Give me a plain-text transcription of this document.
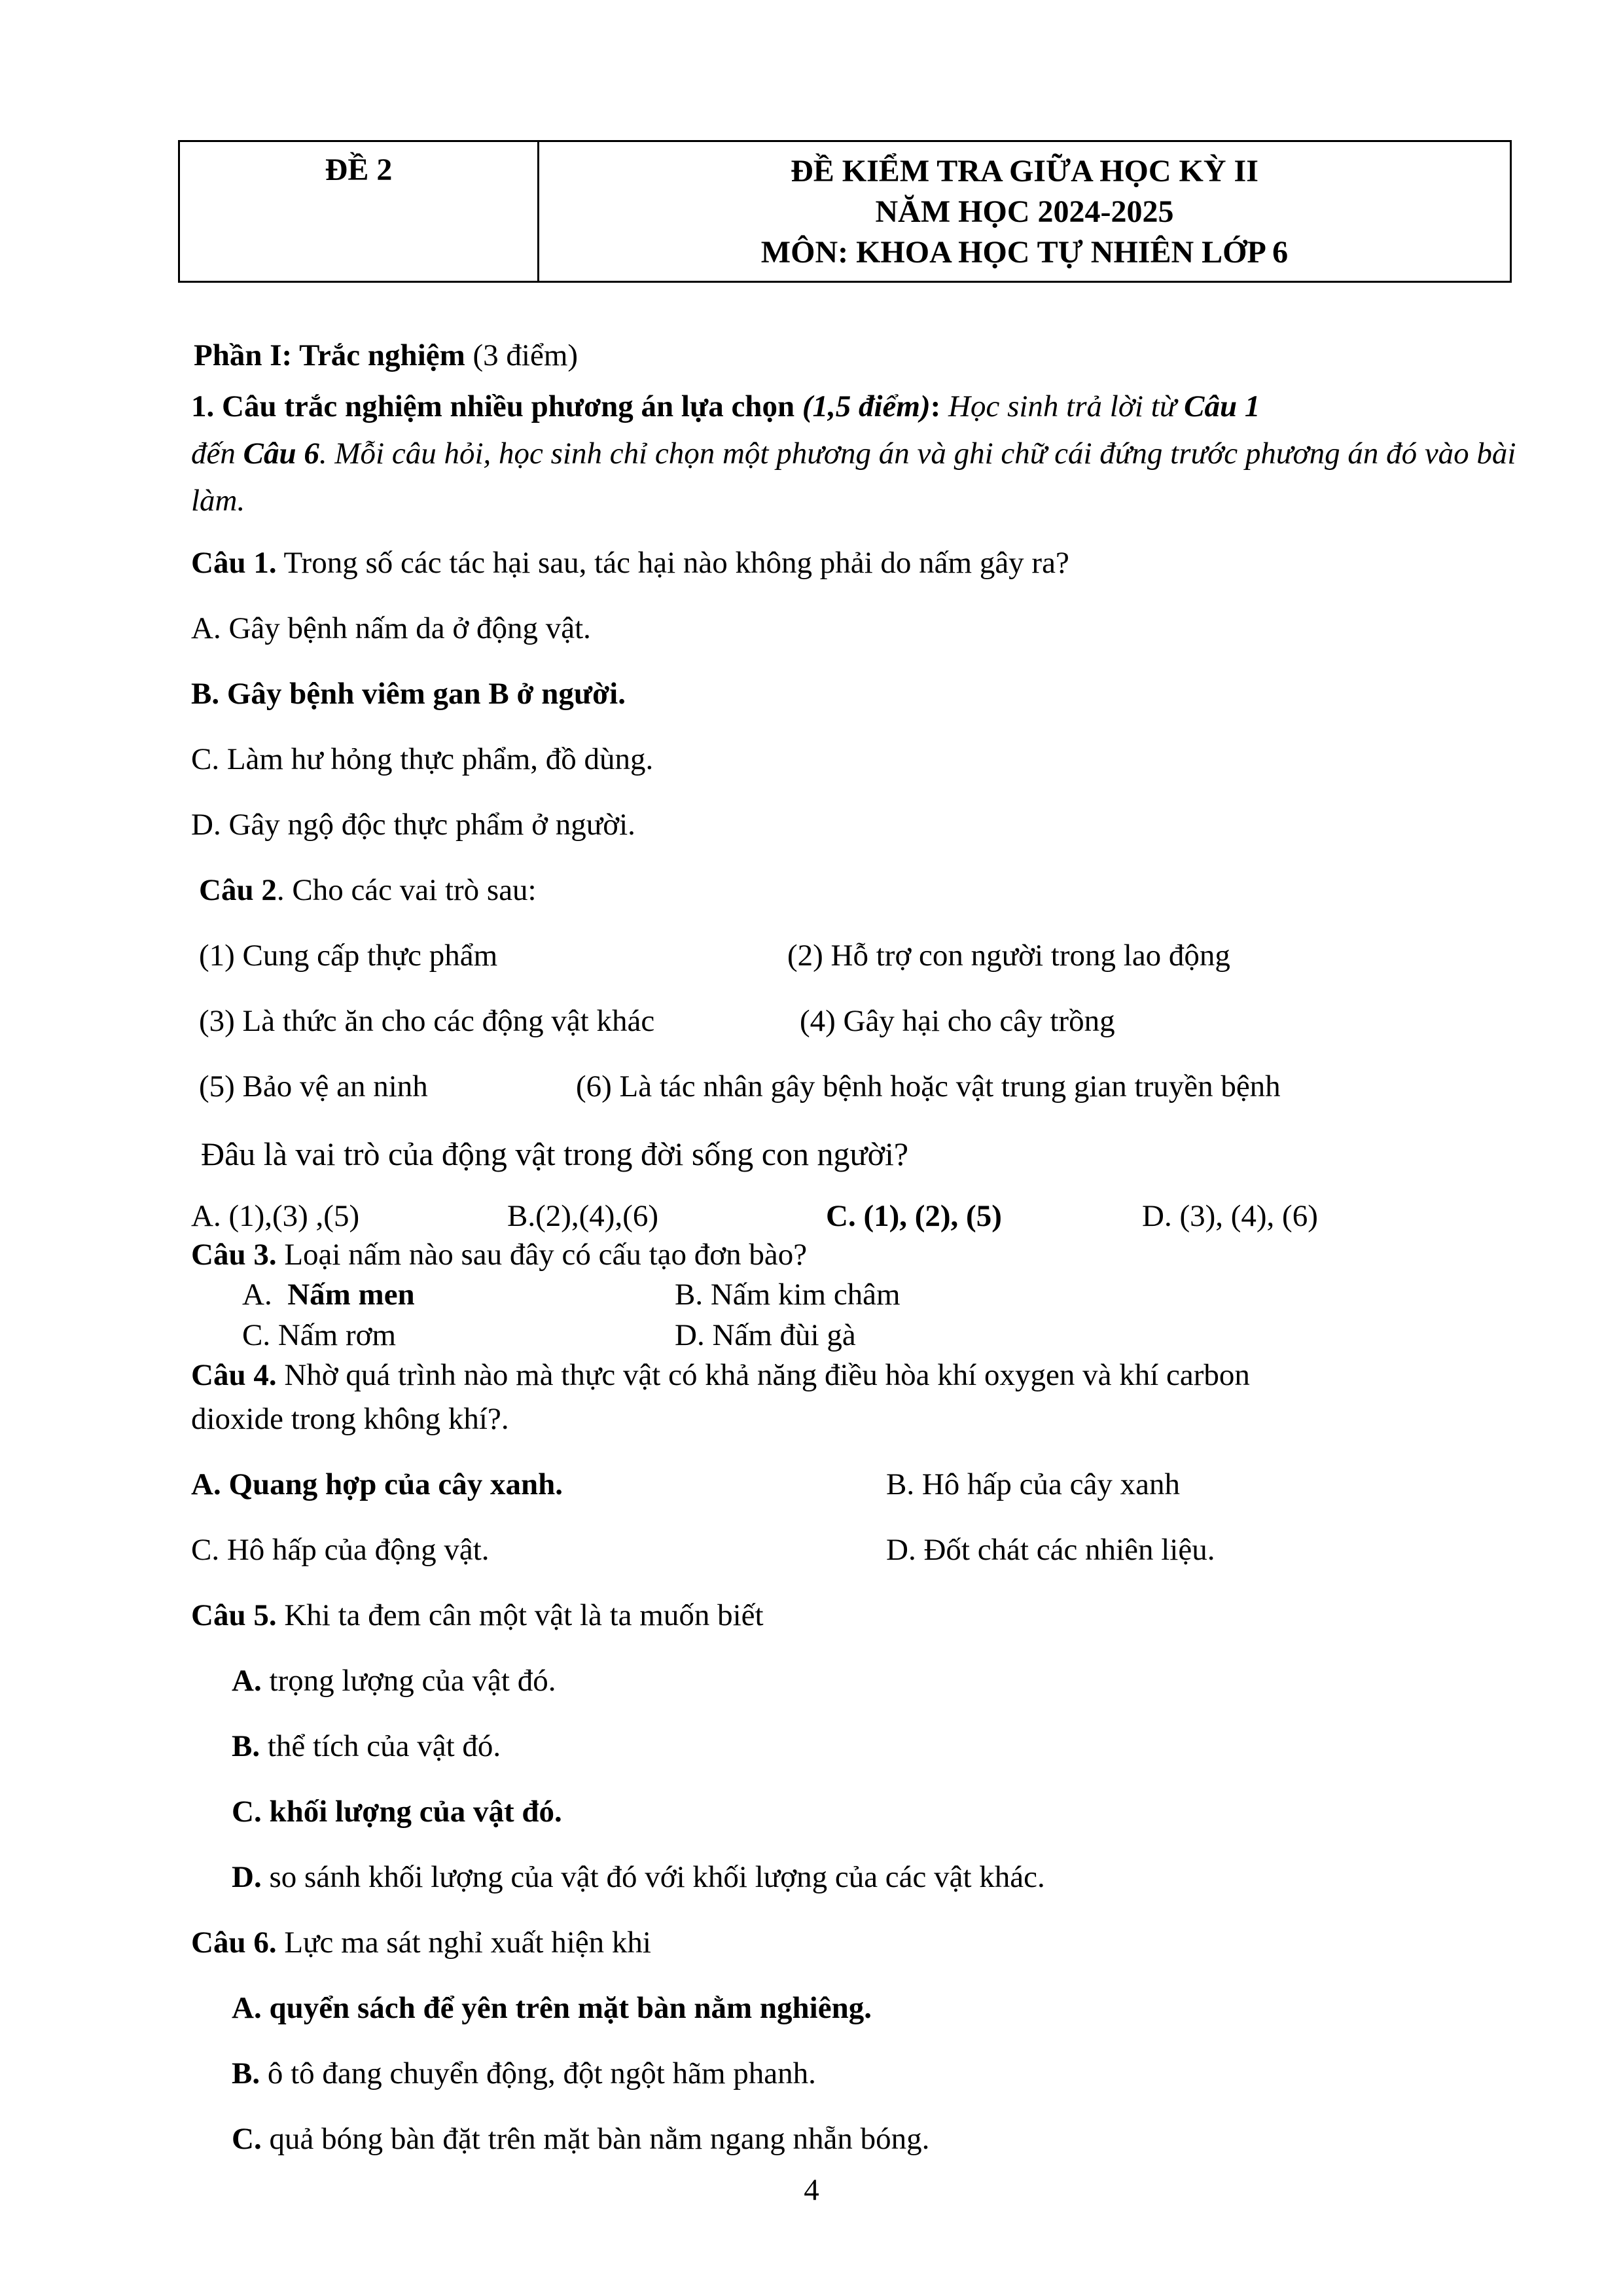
ĐỀ 2	ĐỀ KIỂM TRA GIỮA HỌC KỲ II
NĂM HỌC 2024-2025
MÔN: KHOA HỌC TỰ NHIÊN LỚP 6
Phần I: Trắc nghiệm (3 điểm)
1. Câu trắc nghiệm nhiều phương án lựa chọn (1,5 điểm): Học sinh trả lời từ Câu 1
đến Câu 6. Mỗi câu hỏi, học sinh chỉ chọn một phương án và ghi chữ cái đứng trước phương án đó vào bài làm.
Câu 1. Trong số các tác hại sau, tác hại nào không phải do nấm gây ra?
A. Gây bệnh nấm da ở động vật.
B. Gây bệnh viêm gan B ở người.
C. Làm hư hỏng thực phẩm, đồ dùng.
D. Gây ngộ độc thực phẩm ở người.
Câu 2. Cho các vai trò sau:
(1) Cung cấp thực phẩm	(2) Hỗ trợ con người trong lao động
(3) Là thức ăn cho các động vật khác	(4) Gây hại cho cây trồng
(5) Bảo vệ an ninh	(6) Là tác nhân gây bệnh hoặc vật trung gian truyền bệnh
Đâu là vai trò của động vật trong đời sống con người?
A. (1),(3) ,(5)	B.(2),(4),(6)	C. (1), (2), (5)	D. (3), (4), (6)
Câu 3. Loại nấm nào sau đây có cấu tạo đơn bào?
A. Nấm men	B. Nấm kim châm
C. Nấm rơm	D. Nấm đùi gà
Câu 4. Nhờ quá trình nào mà thực vật có khả năng điều hòa khí oxygen và khí carbon
dioxide trong không khí?.
A. Quang hợp của cây xanh.	B. Hô hấp của cây xanh
C. Hô hấp của động vật.	D. Đốt chát các nhiên liệu.
Câu 5. Khi ta đem cân một vật là ta muốn biết
A. trọng lượng của vật đó.
B. thể tích của vật đó.
C. khối lượng của vật đó.
D. so sánh khối lượng của vật đó với khối lượng của các vật khác.
Câu 6. Lực ma sát nghỉ xuất hiện khi
A. quyển sách để yên trên mặt bàn nằm nghiêng.
B. ô tô đang chuyển động, đột ngột hãm phanh.
C. quả bóng bàn đặt trên mặt bàn nằm ngang nhẵn bóng.
4
